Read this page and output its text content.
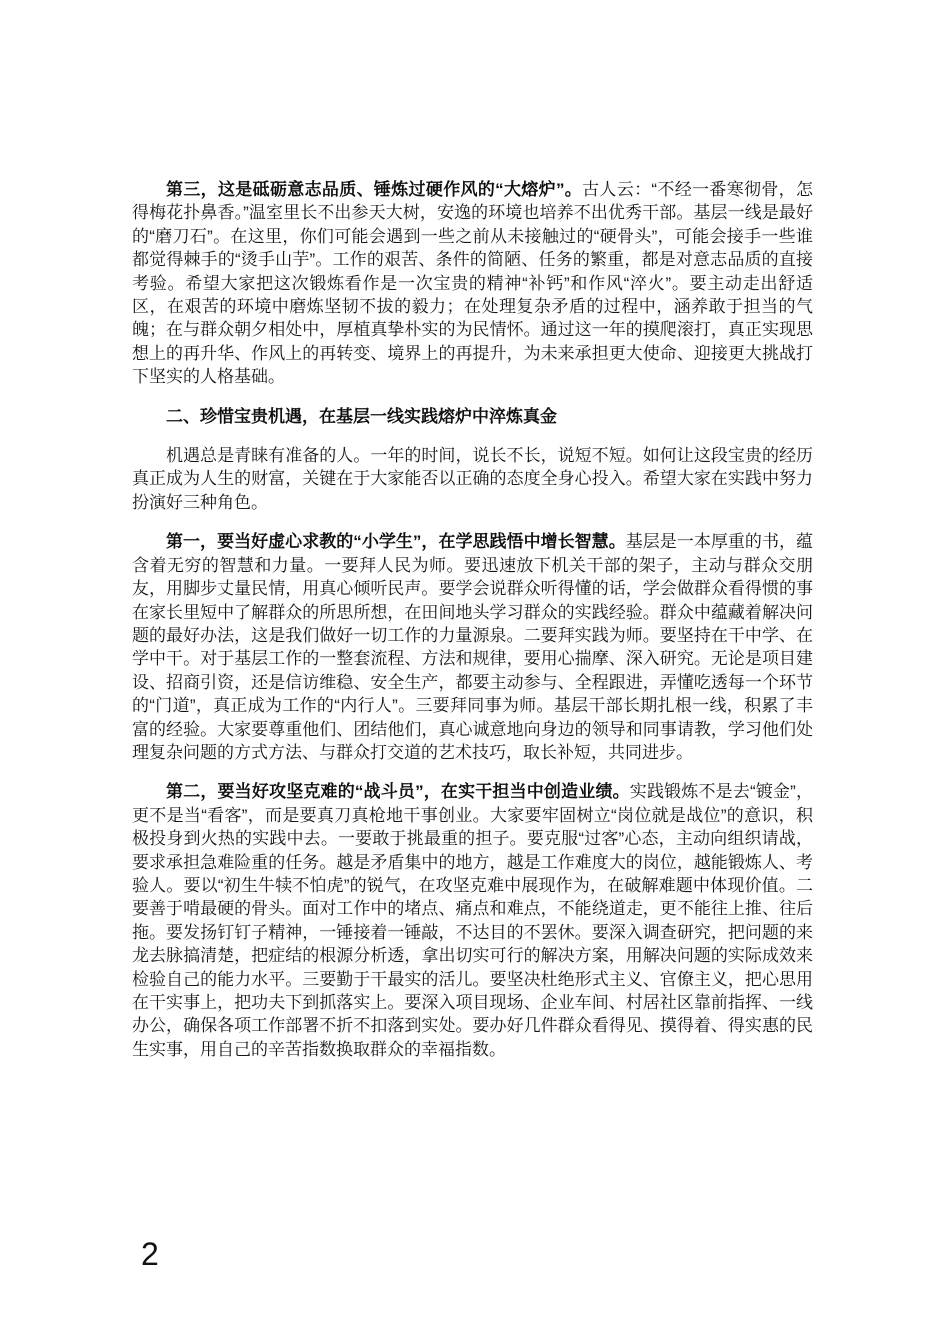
第三，这是砥砺意志品质、锤炼过硬作风的“大熔炉”。古人云：“不经一番寒彻骨，怎得梅花扑鼻香。”温室里长不出参天大树，安逸的环境也培养不出优秀干部。基层一线是最好的“磨刀石”。在这里，你们可能会遇到一些之前从未接触过的“硬骨头”，可能会接手一些谁都觉得棘手的“烫手山芋”。工作的艰苦、条件的简陋、任务的繁重，都是对意志品质的直接考验。希望大家把这次锻炼看作是一次宝贵的精神“补钙”和作风“淬火”。要主动走出舒适区，在艰苦的环境中磨炼坚韧不拔的毅力；在处理复杂矛盾的过程中，涵养敢于担当的气魄；在与群众朝夕相处中，厚植真挚朴实的为民情怀。通过这一年的摸爬滚打，真正实现思想上的再升华、作风上的再转变、境界上的再提升，为未来承担更大使命、迎接更大挑战打下坚实的人格基础。

二、珍惜宝贵机遇，在基层一线实践熔炉中淬炼真金

机遇总是青睐有准备的人。一年的时间，说长不长，说短不短。如何让这段宝贵的经历真正成为人生的财富，关键在于大家能否以正确的态度全身心投入。希望大家在实践中努力扮演好三种角色。

第一，要当好虚心求教的“小学生”，在学思践悟中增长智慧。基层是一本厚重的书，蕴含着无穷的智慧和力量。一要拜人民为师。要迅速放下机关干部的架子，主动与群众交朋友，用脚步丈量民情，用真心倾听民声。要学会说群众听得懂的话，学会做群众看得惯的事在家长里短中了解群众的所思所想，在田间地头学习群众的实践经验。群众中蕴藏着解决问题的最好办法，这是我们做好一切工作的力量源泉。二要拜实践为师。要坚持在干中学、在学中干。对于基层工作的一整套流程、方法和规律，要用心揣摩、深入研究。无论是项目建设、招商引资，还是信访维稳、安全生产，都要主动参与、全程跟进，弄懂吃透每一个环节的“门道”，真正成为工作的“内行人”。三要拜同事为师。基层干部长期扎根一线，积累了丰富的经验。大家要尊重他们、团结他们，真心诚意地向身边的领导和同事请教，学习他们处理复杂问题的方式方法、与群众打交道的艺术技巧，取长补短，共同进步。

第二，要当好攻坚克难的“战斗员”，在实干担当中创造业绩。实践锻炼不是去“镀金”，更不是当“看客”，而是要真刀真枪地干事创业。大家要牢固树立“岗位就是战位”的意识，积极投身到火热的实践中去。一要敢于挑最重的担子。要克服“过客”心态，主动向组织请战，要求承担急难险重的任务。越是矛盾集中的地方，越是工作难度大的岗位，越能锻炼人、考验人。要以“初生牛犊不怕虎”的锐气，在攻坚克难中展现作为，在破解难题中体现价值。二要善于啃最硬的骨头。面对工作中的堵点、痛点和难点，不能绕道走，更不能往上推、往后拖。要发扬钉钉子精神，一锤接着一锤敲，不达目的不罢休。要深入调查研究，把问题的来龙去脉搞清楚，把症结的根源分析透，拿出切实可行的解决方案，用解决问题的实际成效来检验自己的能力水平。三要勤于干最实的活儿。要坚决杜绝形式主义、官僚主义，把心思用在干实事上，把功夫下到抓落实上。要深入项目现场、企业车间、村居社区靠前指挥、一线办公，确保各项工作部署不折不扣落到实处。要办好几件群众看得见、摸得着、得实惠的民生实事，用自己的辛苦指数换取群众的幸福指数。

2
